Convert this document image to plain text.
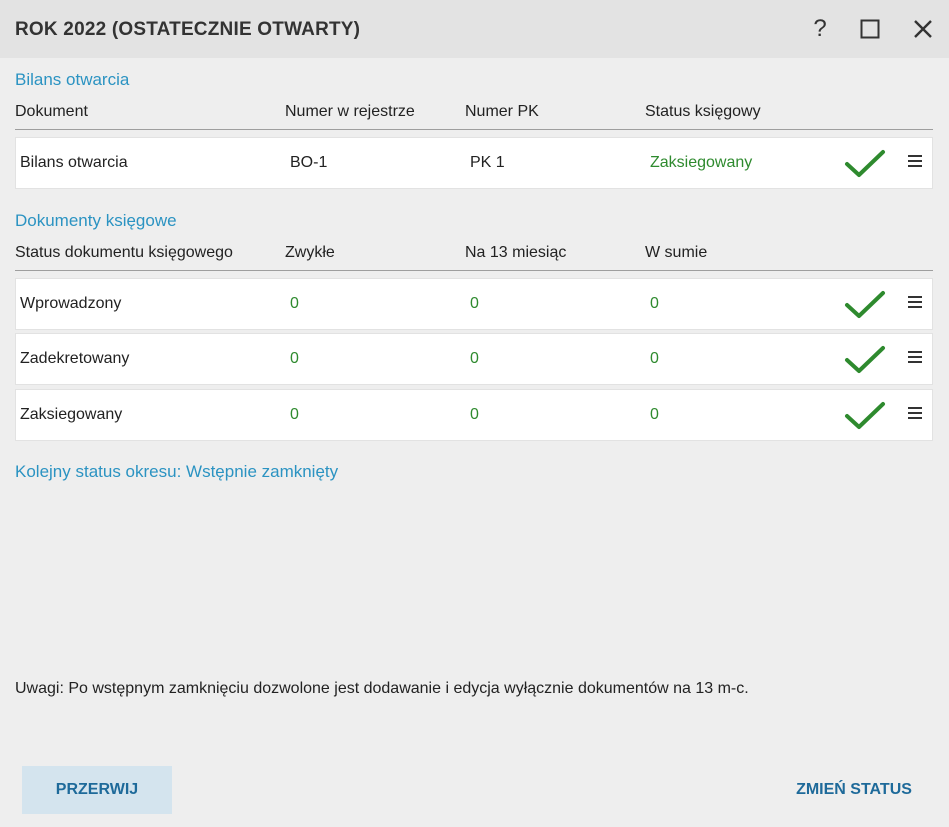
ROK 2022 (OSTATECZNIE OTWARTY)	?
Bilans otwarcia
Dokument	Numer w rejestrze	Numer PK	Status księgowy
Bilans otwarcia	BO-1	PK 1	Zaksiegowany
Dokumenty księgowe
Status dokumentu księgowego	Zwykłe	Na 13 miesiąc	W sumie
Wprowadzony	0	0	0
Zadekretowany	0	0	0
Zaksiegowany	0	0	0
Kolejny status okresu: Wstępnie zamknięty
Uwagi: Po wstępnym zamknięciu dozwolone jest dodawanie i edycja wyłącznie dokumentów na 13 m-c.
PRZERWIJ	ZMIEŃ STATUS
